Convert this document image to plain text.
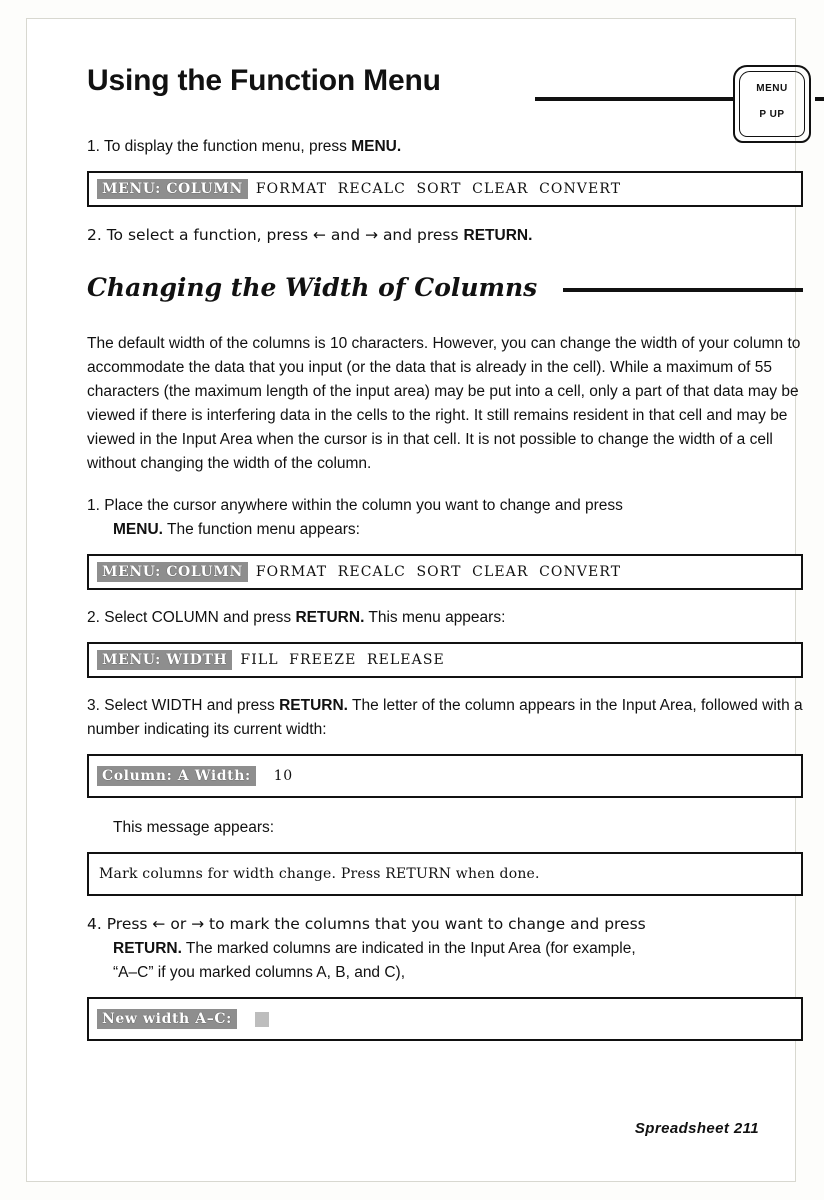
Using the Function Menu	MENU
P UP

1. To display the function menu, press MENU.

MENU: COLUMN FORMAT RECALC SORT CLEAR CONVERT

2. To select a function, press ← and → and press RETURN.

Changing the Width of Columns

The default width of the columns is 10 characters. However, you can change the width of your column to accommodate the data that you input (or the data that is already in the cell). While a maximum of 55 characters (the maximum length of the input area) may be put into a cell, only a part of that data may be viewed if there is interfering data in the cells to the right. It still remains resident in that cell and may be viewed in the Input Area when the cursor is in that cell. It is not possible to change the width of a cell without changing the width of the column.

1. Place the cursor anywhere within the column you want to change and press
MENU. The function menu appears:

MENU: COLUMN FORMAT RECALC SORT CLEAR CONVERT

2. Select COLUMN and press RETURN. This menu appears:

MENU: WIDTH FILL FREEZE RELEASE

3. Select WIDTH and press RETURN. The letter of the column appears in the Input Area, followed with a number indicating its current width:

Column: A Width:	10

This message appears:

Mark columns for width change. Press RETURN when done.

4. Press ← or → to mark the columns that you want to change and press
RETURN. The marked columns are indicated in the Input Area (for example,
“A–C” if you marked columns A, B, and C),

New width A–C:
Spreadsheet 211
